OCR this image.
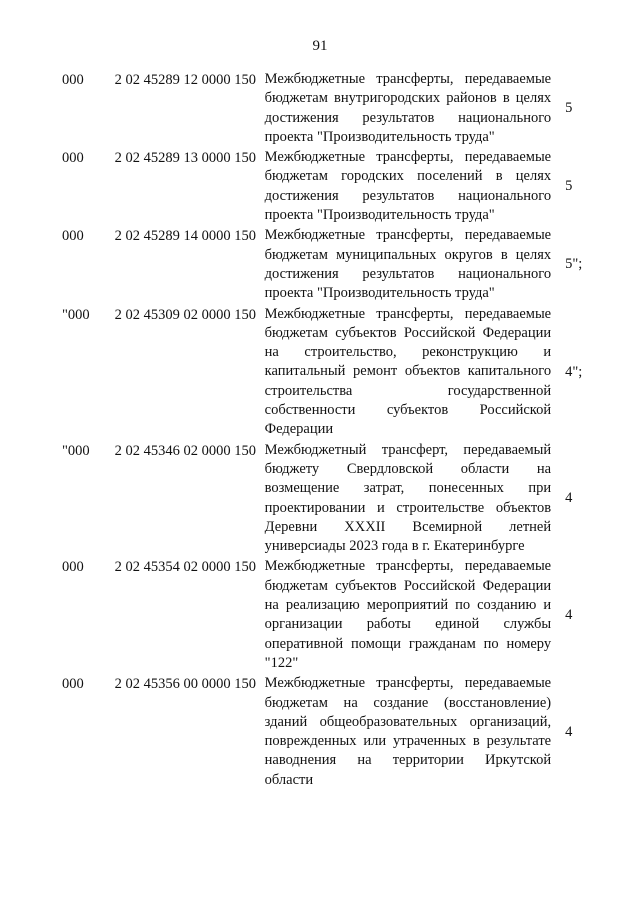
91
000	2 02 45289 12 0000 150 Межбюджетные трансферты, передаваемые
бюджетам внутригородских районов в целях
достижения результатов национального
проекта "Производительность труда"
5
000	2 02 45289 13 0000 150 Межбюджетные трансферты, передаваемые
бюджетам городских поселений в целях
достижения результатов национального
проекта "Производительность труда"
5
000	2 02 45289 14 0000 150 Межбюджетные трансферты, передаваемые
бюджетам муниципальных округов в целях
достижения результатов национального
проекта "Производительность труда"
5";
"000	2 02 45309 02 0000 150 Межбюджетные трансферты, передаваемые
бюджетам субъектов Российской Федерации
на строительство, реконструкцию и
капитальный ремонт объектов капитального
строительства государственной
собственности субъектов Российской
Федерации
4";
"000	2 02 45346 02 0000 150 Межбюджетный трансферт, передаваемый
бюджету Свердловской области на
возмещение затрат, понесенных при
проектировании и строительстве объектов
Деревни XXXII Всемирной летней
универсиады 2023 года в г. Екатеринбурге
4
000	2 02 45354 02 0000 150 Межбюджетные трансферты, передаваемые
бюджетам субъектов Российской Федерации
на реализацию мероприятий по созданию и
организации работы единой службы
оперативной помощи гражданам по номеру
"122"
4
000	2 02 45356 00 0000 150 Межбюджетные трансферты, передаваемые
бюджетам на создание (восстановление)
зданий общеобразовательных организаций,
поврежденных или утраченных в результате
наводнения на территории Иркутской
области
4
